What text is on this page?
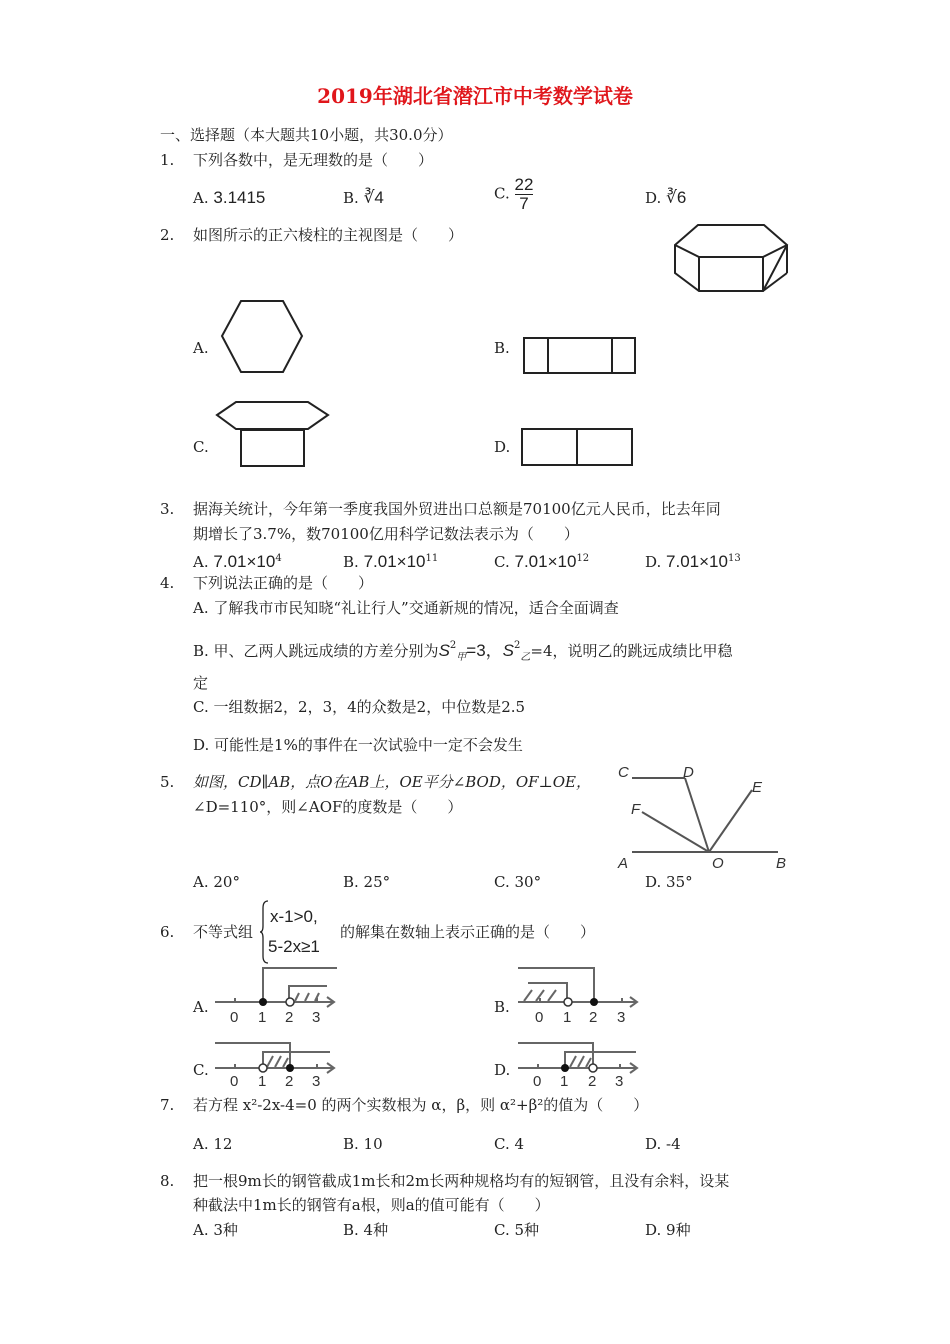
2019年湖北省潜江市中考数学试卷
一、选择题（本大题共10小题，共30.0分）
1. 下列各数中，是无理数的是（　　）
A. 3.1415	B. ∛4	C. $\frac{22}{7}$	D. ∛6
2. 如图所示的正六棱柱的主视图是（　　）
A.	B.
C.	D.
3. 据海关统计，今年第一季度我国外贸进出口总额是70100亿元人民币，比去年同
期增长了3.7%，数70100亿用科学记数法表示为（　　）
A. $7.01\times 10^4$	B. $7.01\times 10^{11}$	C. $7.01\times 10^{12}$	D. $7.01\times 10^{13}$
4. 下列说法正确的是（　　）
A. 了解我市市民知晓“礼让行人”交通新规的情况，适合全面调查
B. 甲、乙两人跳远成绩的方差分别为$S^2_甲=3$，$S^2_乙=4$，说明乙的跳远成绩比甲稳
定
C. 一组数据2，2，3，4的众数是2，中位数是2.5
D. 可能性是1%的事件在一次试验中一定不会发生
5. 如图，CD∥AB，点O在AB上，OE平分∠BOD，OF⊥OE，
∠D=110°，则∠AOF的度数是（　　）
A. 20°	B. 25°	C. 30°
C	D
E
F
A	O	B
D. 35°
6. 不等式组
x-1>0,
5-2x≥1
的解集在数轴上表示正确的是（　　）
A.
0 1 2 3
B.
0 1 2 3
C.
0 1 2 3
D.
0 1 2 3
7. 若方程 x²-2x-4=0 的两个实数根为 α，β，则 α²+β²的值为（　　）
A. 12	B. 10	C. 4	D. -4
8. 把一根9m长的钢管截成1m长和2m长两种规格均有的短钢管，且没有余料，设某
种截法中1m长的钢管有a根，则a的值可能有（　　）
A. 3种	B. 4种	C. 5种	D. 9种
